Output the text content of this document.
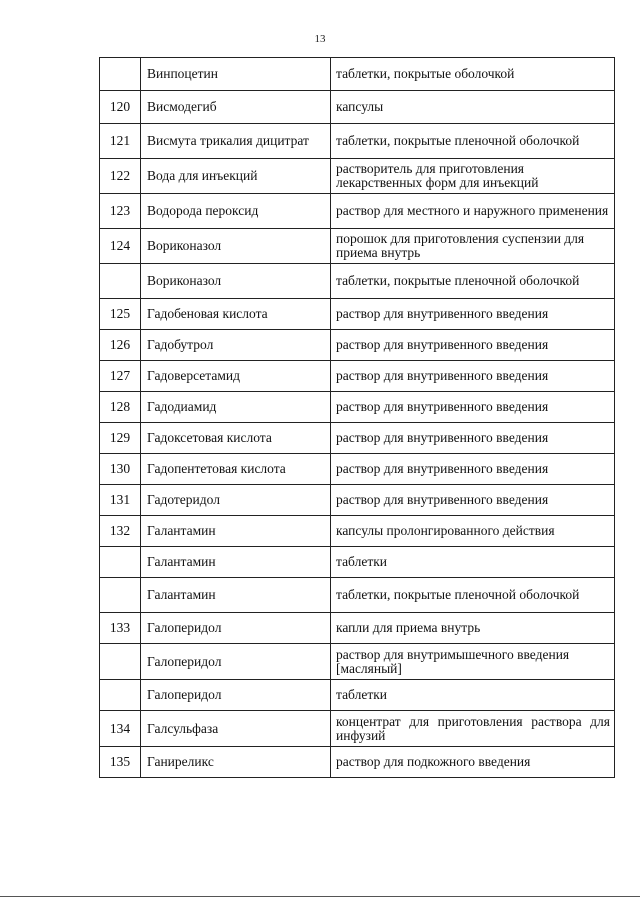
13
	Винпоцетин	таблетки, покрытые оболочкой
120	Висмодегиб	капсулы
121	Висмута трикалия дицитрат	таблетки, покрытые пленочной оболочкой
122	Вода для инъекций	растворитель для приготовления лекарственных форм для инъекций
123	Водорода пероксид	раствор для местного и наружного применения
124	Вориконазол	порошок для приготовления суспензии для приема внутрь
	Вориконазол	таблетки, покрытые пленочной оболочкой
125	Гадобеновая кислота	раствор для внутривенного введения
126	Гадобутрол	раствор для внутривенного введения
127	Гадоверсетамид	раствор для внутривенного введения
128	Гадодиамид	раствор для внутривенного введения
129	Гадоксетовая кислота	раствор для внутривенного введения
130	Гадопентетовая кислота	раствор для внутривенного введения
131	Гадотеридол	раствор для внутривенного введения
132	Галантамин	капсулы пролонгированного действия
	Галантамин	таблетки
	Галантамин	таблетки, покрытые пленочной оболочкой
133	Галоперидол	капли для приема внутрь
	Галоперидол	раствор для внутримышечного введения [масляный]
	Галоперидол	таблетки
134	Галсульфаза	концентрат для приготовления раствора для инфузий
135	Ганиреликс	раствор для подкожного введения
